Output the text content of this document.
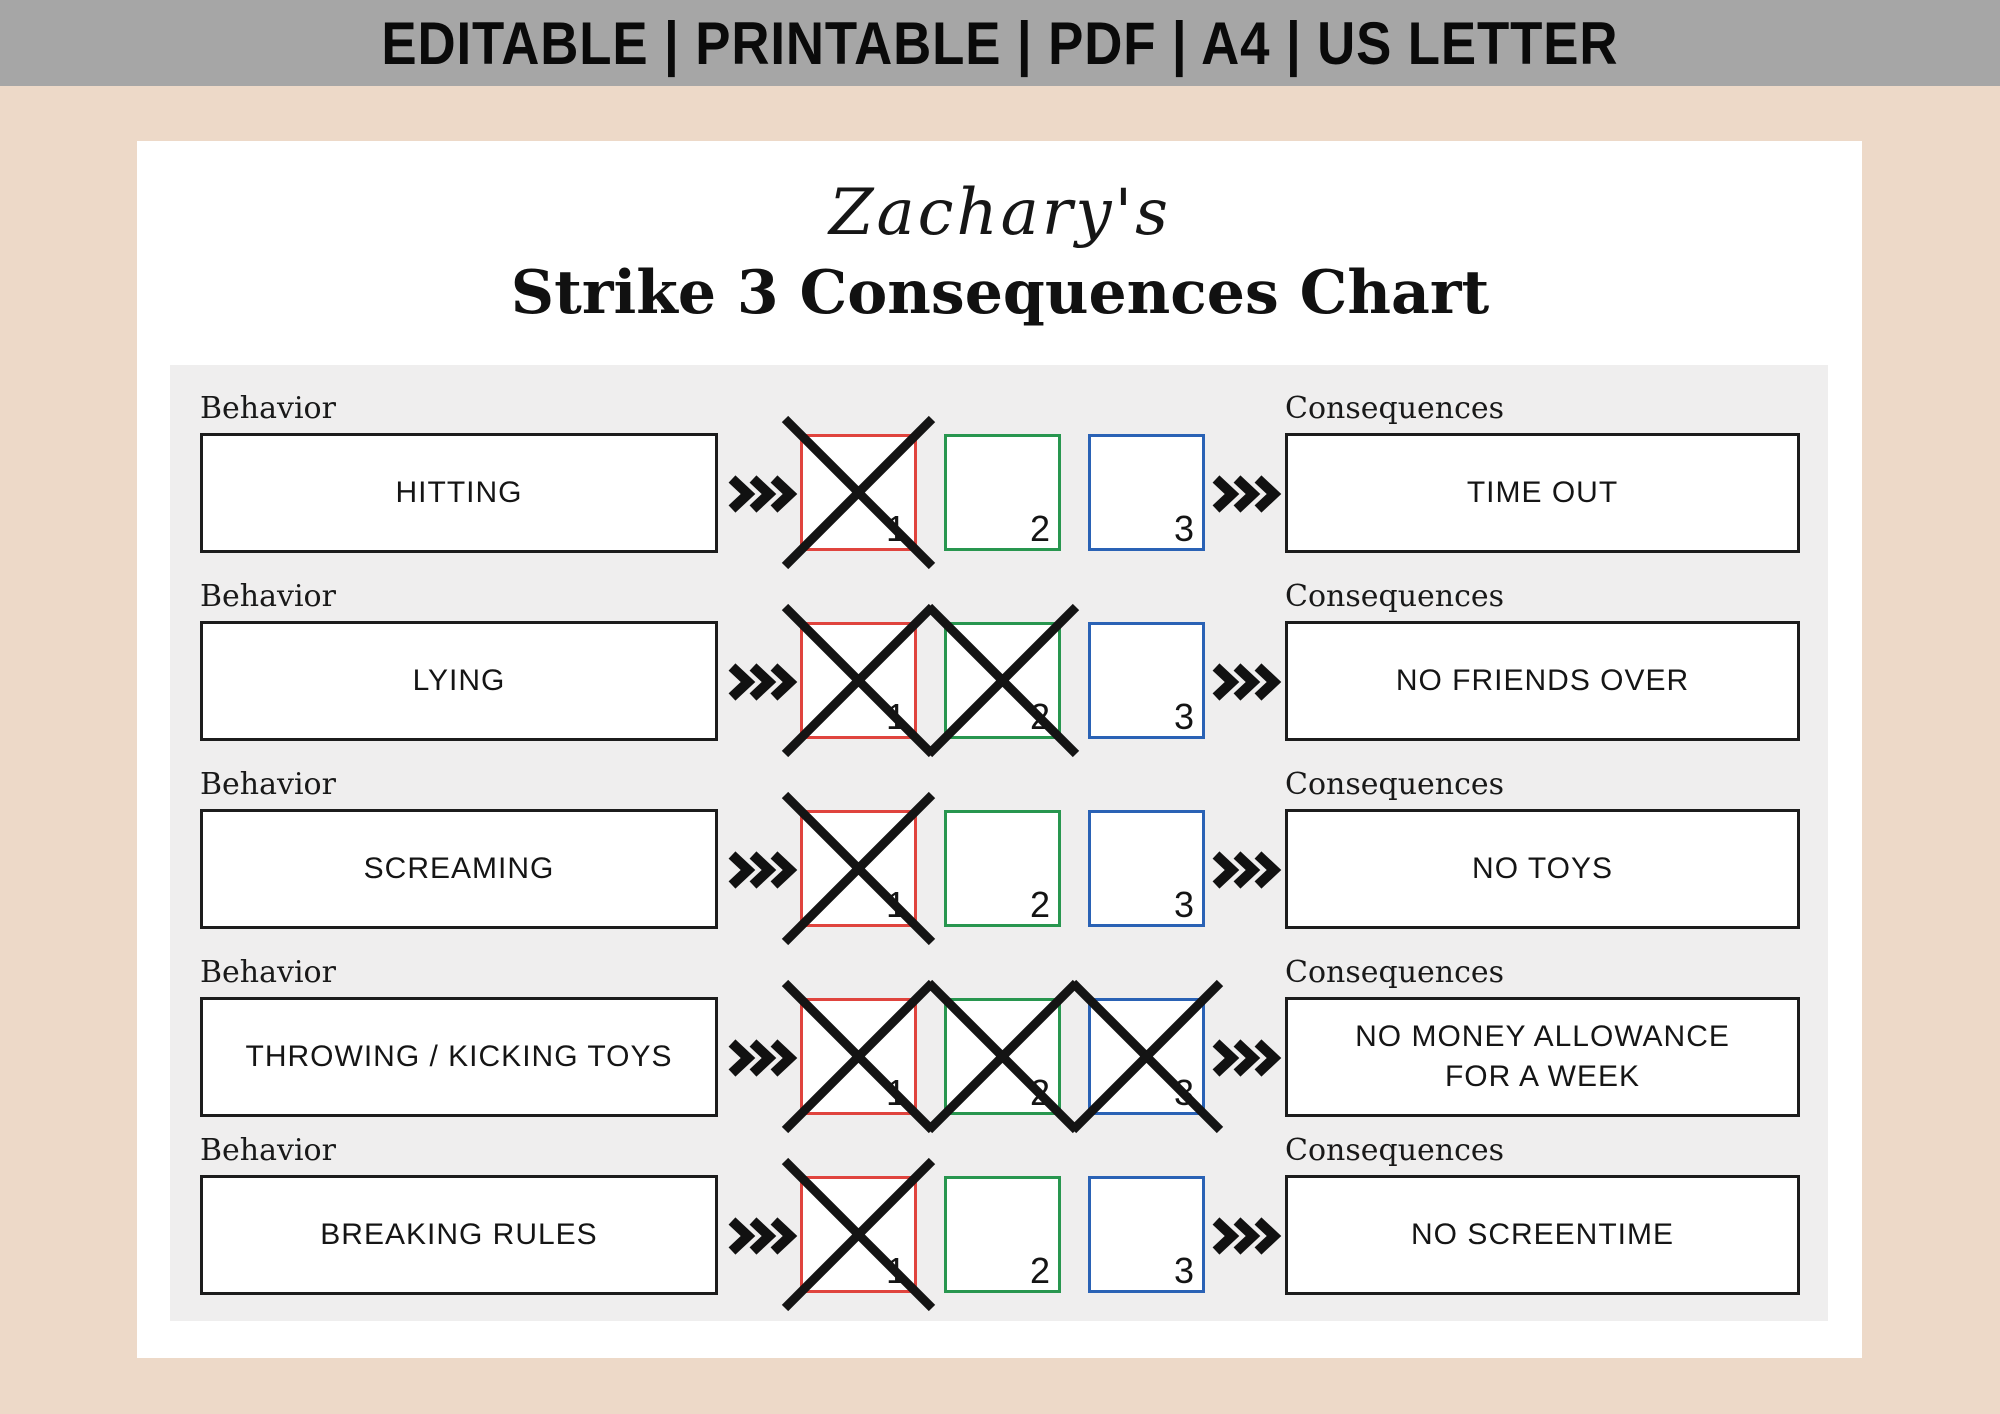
EDITABLE | PRINTABLE | PDF | A4 | US LETTER
Zachary's
Strike 3 Consequences Chart
Behavior
HITTING
1	2	3
Consequences
TIME OUT
Behavior
LYING
1	2	3
Consequences
NO FRIENDS OVER
Behavior
SCREAMING
1	2	3
Consequences
NO TOYS
Behavior
THROWING / KICKING TOYS
1	2	3
Consequences
NO MONEY ALLOWANCE
FOR A WEEK
Behavior
BREAKING RULES
1	2	3
Consequences
NO SCREENTIME
